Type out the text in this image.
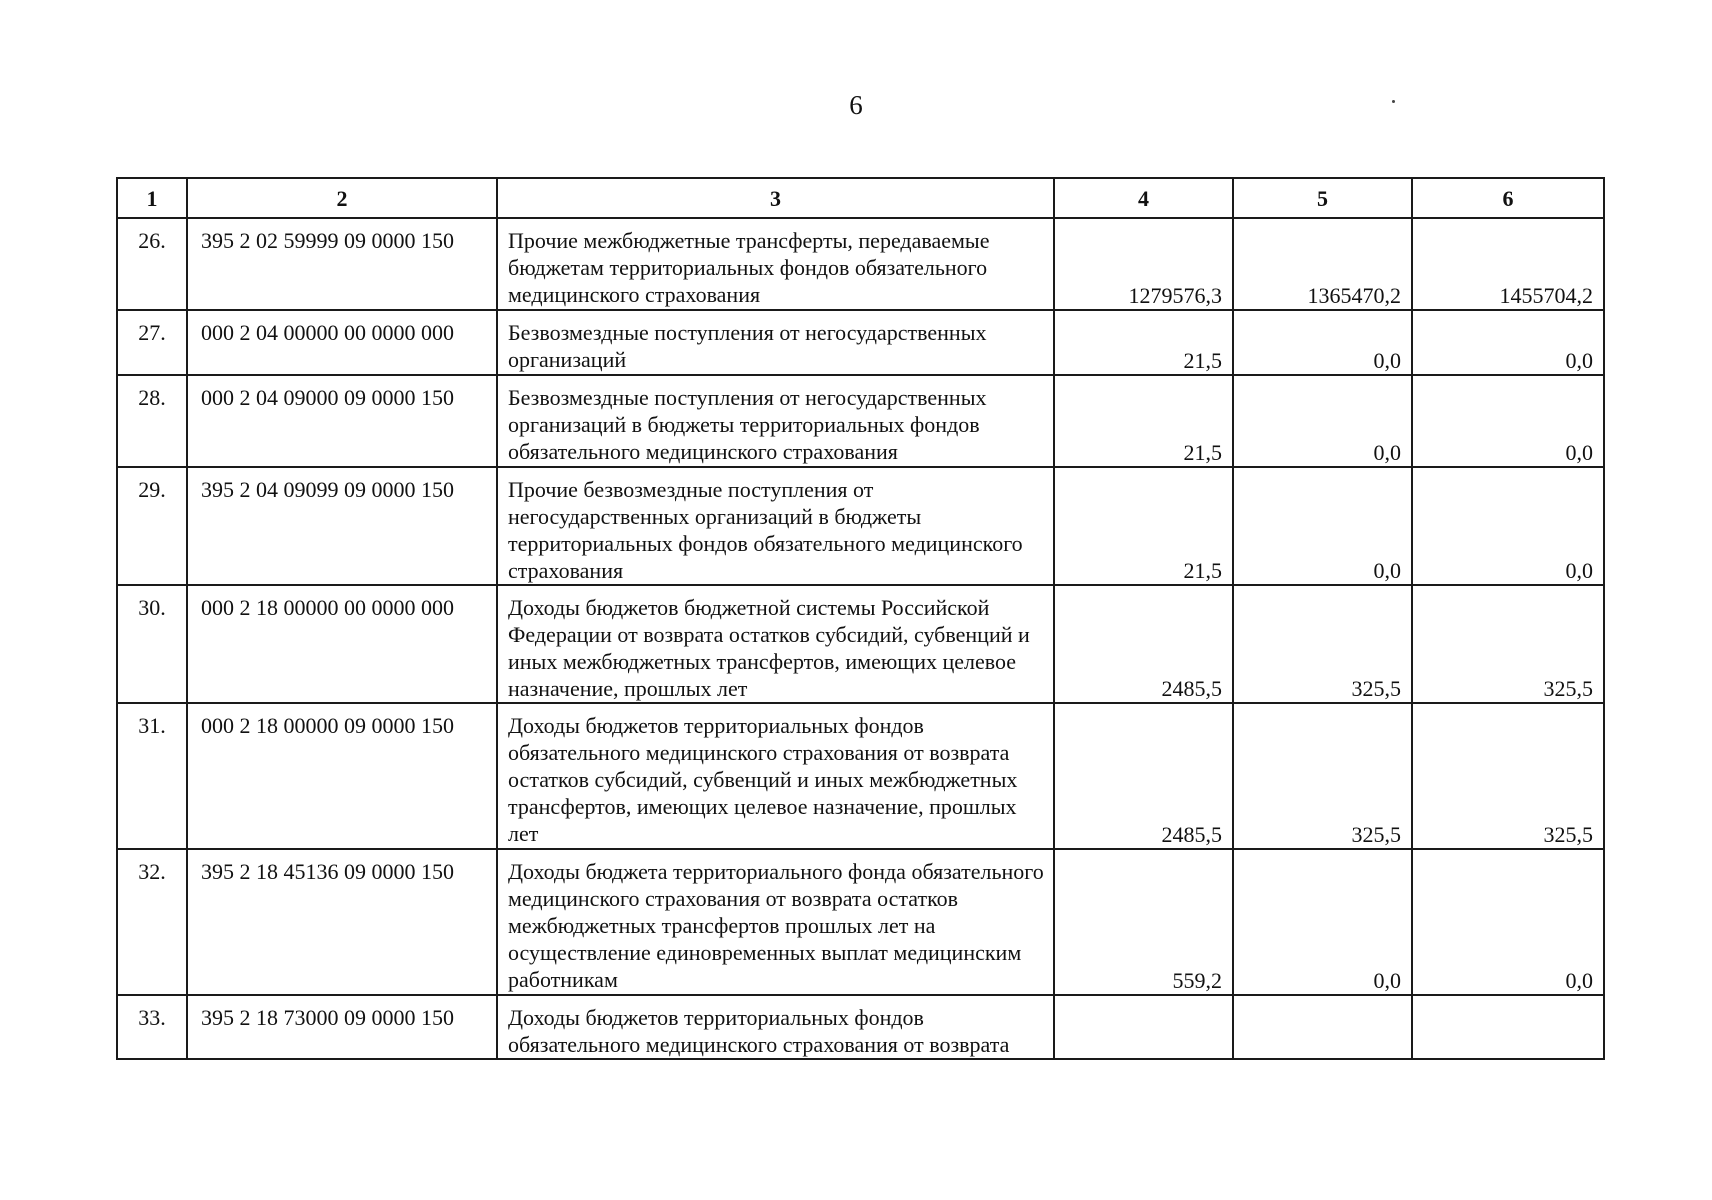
6
1	2	3	4	5	6
26.	395 2 02 59999 09 0000 150	Прочие межбюджетные трансферты, передаваемые бюджетам территориальных фондов обязательного медицинского страхования	1279576,3	1365470,2	1455704,2
27.	000 2 04 00000 00 0000 000	Безвозмездные поступления от негосударственных организаций	21,5	0,0	0,0
28.	000 2 04 09000 09 0000 150	Безвозмездные поступления от негосударственных организаций в бюджеты территориальных фондов обязательного медицинского страхования	21,5	0,0	0,0
29.	395 2 04 09099 09 0000 150	Прочие безвозмездные поступления от негосударственных организаций в бюджеты территориальных фондов обязательного медицинского страхования	21,5	0,0	0,0
30.	000 2 18 00000 00 0000 000	Доходы бюджетов бюджетной системы Российской Федерации от возврата остатков субсидий, субвенций и иных межбюджетных трансфертов, имеющих целевое назначение, прошлых лет	2485,5	325,5	325,5
31.	000 2 18 00000 09 0000 150	Доходы бюджетов территориальных фондов обязательного медицинского страхования от возврата остатков субсидий, субвенций и иных межбюджетных трансфертов, имеющих целевое назначение, прошлых лет	2485,5	325,5	325,5
32.	395 2 18 45136 09 0000 150	Доходы бюджета территориального фонда обязательного медицинского страхования от возврата остатков межбюджетных трансфертов прошлых лет на осуществление единовременных выплат медицинским работникам	559,2	0,0	0,0
33.	395 2 18 73000 09 0000 150	Доходы бюджетов территориальных фондов обязательного медицинского страхования от возврата			
